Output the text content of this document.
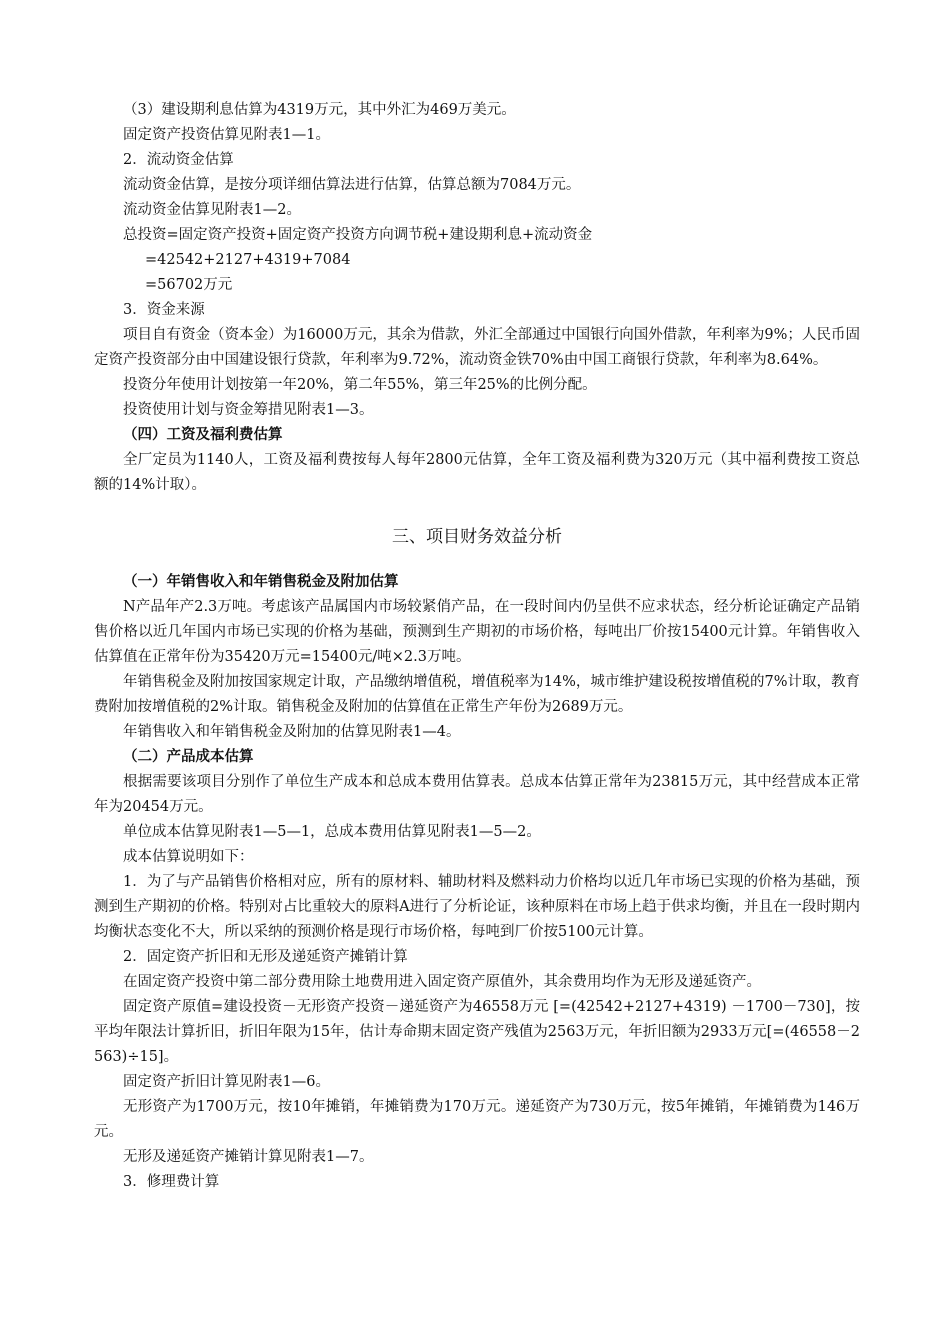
（3）建设期利息估算为4319万元，其中外汇为469万美元。

固定资产投资估算见附表1—1。

2．流动资金估算

流动资金估算，是按分项详细估算法进行估算，估算总额为7084万元。

流动资金估算见附表1—2。

总投资=固定资产投资+固定资产投资方向调节税+建设期利息+流动资金

=42542+2127+4319+7084

=56702万元

3．资金来源

项目自有资金（资本金）为16000万元，其余为借款，外汇全部通过中国银行向国外借款，年利率为9%；人民币固定资产投资部分由中国建设银行贷款，年利率为9.72%，流动资金铁70%由中国工商银行贷款，年利率为8.64%。

投资分年使用计划按第一年20%，第二年55%，第三年25%的比例分配。

投资使用计划与资金筹措见附表1—3。

（四）工资及福利费估算

全厂定员为1140人，工资及福利费按每人每年2800元估算，全年工资及福利费为320万元（其中福利费按工资总额的14%计取）。

三、项目财务效益分析

（一）年销售收入和年销售税金及附加估算

N产品年产2.3万吨。考虑该产品属国内市场较紧俏产品，在一段时间内仍呈供不应求状态，经分析论证确定产品销售价格以近几年国内市场已实现的价格为基础，预测到生产期初的市场价格，每吨出厂价按15400元计算。年销售收入估算值在正常年份为35420万元=15400元/吨×2.3万吨。

年销售税金及附加按国家规定计取，产品缴纳增值税，增值税率为14%，城市维护建设税按增值税的7%计取，教育费附加按增值税的2%计取。销售税金及附加的估算值在正常生产年份为2689万元。

年销售收入和年销售税金及附加的估算见附表1—4。

（二）产品成本估算

根据需要该项目分别作了单位生产成本和总成本费用估算表。总成本估算正常年为23815万元，其中经营成本正常年为20454万元。

单位成本估算见附表1—5—1，总成本费用估算见附表1—5—2。

成本估算说明如下：

1．为了与产品销售价格相对应，所有的原材料、辅助材料及燃料动力价格均以近几年市场已实现的价格为基础，预测到生产期初的价格。特别对占比重较大的原料A进行了分析论证，该种原料在市场上趋于供求均衡，并且在一段时期内均衡状态变化不大，所以采纳的预测价格是现行市场价格，每吨到厂价按5100元计算。

2．固定资产折旧和无形及递延资产摊销计算

在固定资产投资中第二部分费用除土地费用进入固定资产原值外，其余费用均作为无形及递延资产。

固定资产原值=建设投资－无形资产投资－递延资产为46558万元 [=(42542+2127+4319) －1700－730]，按平均年限法计算折旧，折旧年限为15年，估计寿命期末固定资产残值为2563万元，年折旧额为2933万元[=(46558－2563)÷15]。

固定资产折旧计算见附表1—6。

无形资产为1700万元，按10年摊销，年摊销费为170万元。递延资产为730万元，按5年摊销，年摊销费为146万元。

无形及递延资产摊销计算见附表1—7。

3．修理费计算
